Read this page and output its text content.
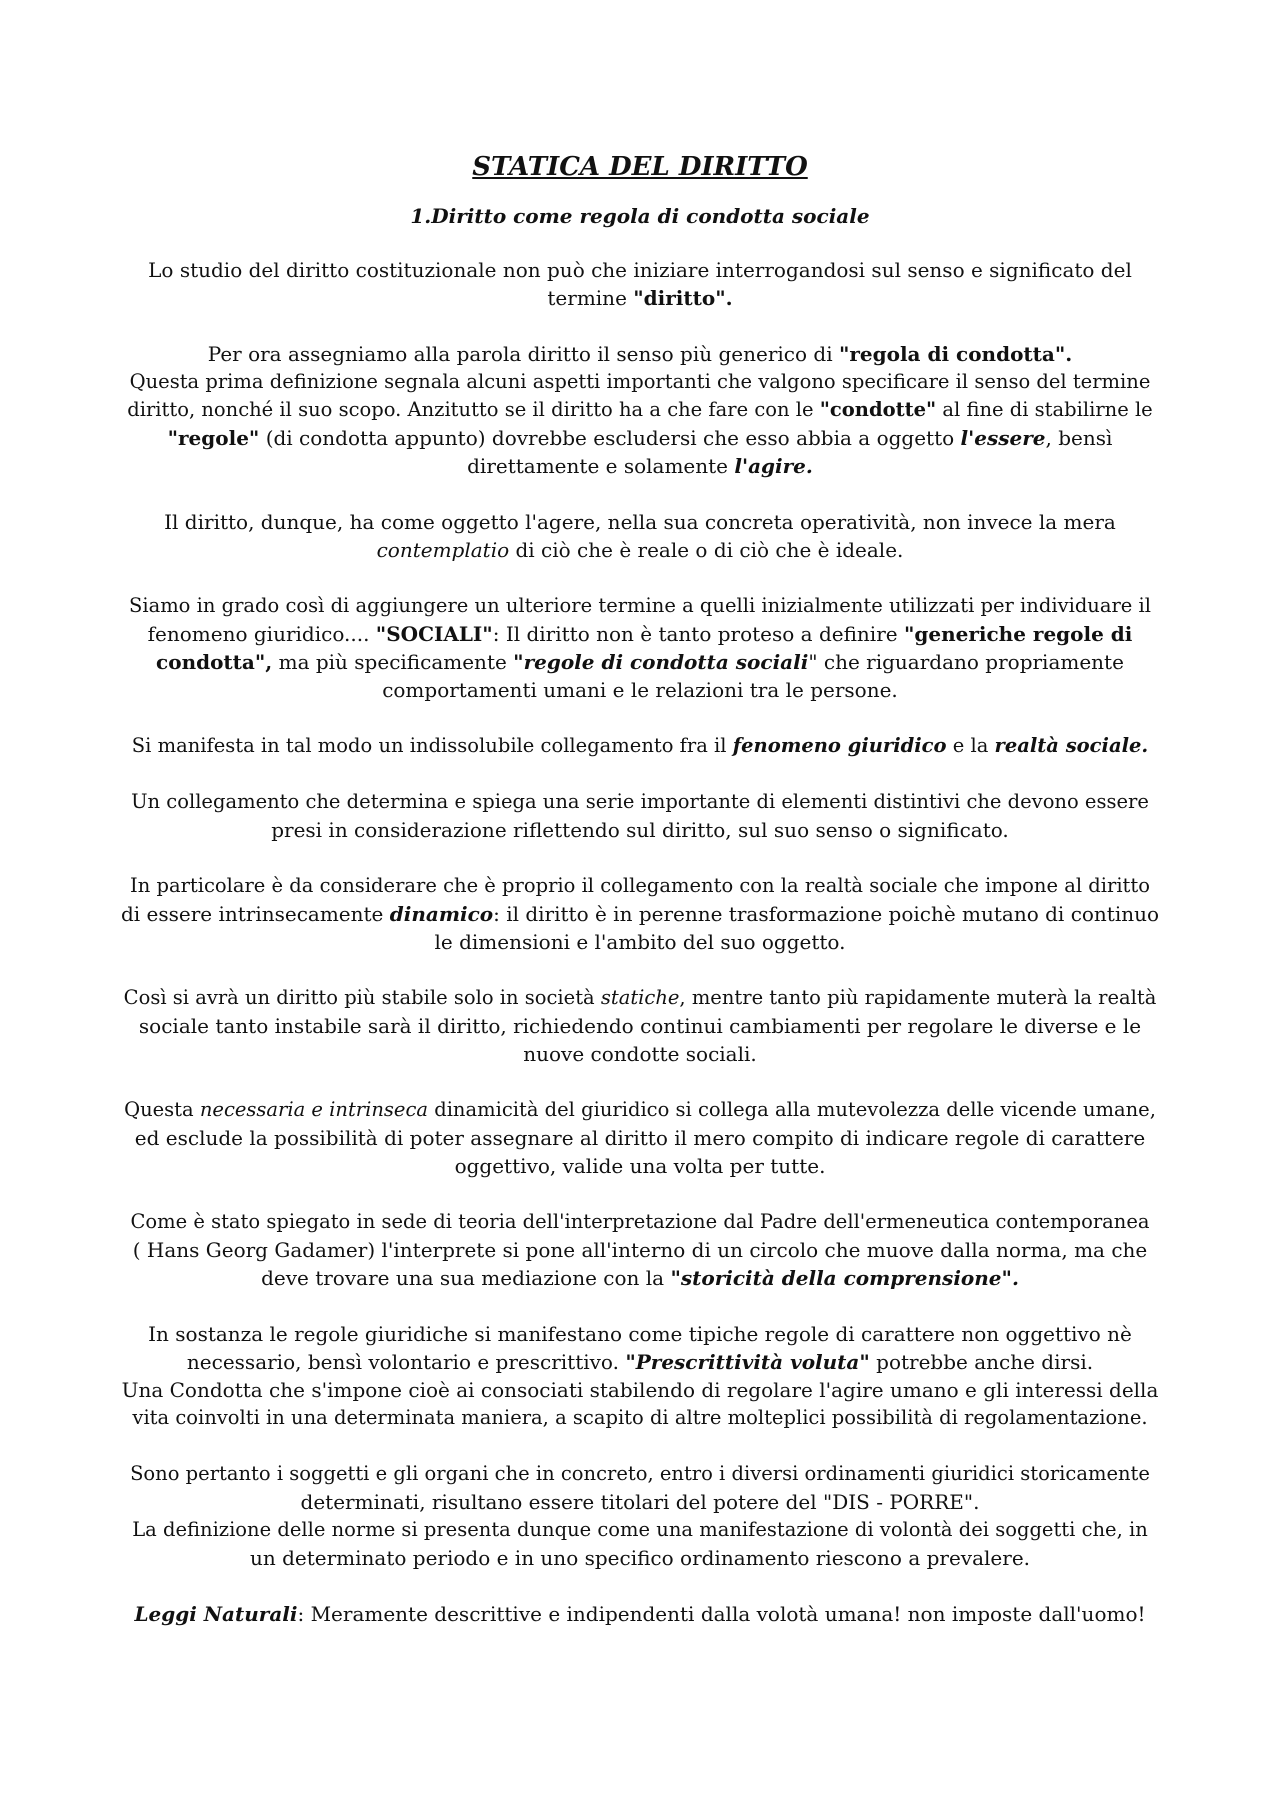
STATICA DEL DIRITTO
1.Diritto come regola di condotta sociale
Lo studio del diritto costituzionale non può che iniziare interrogandosi sul senso e significato del
termine "diritto".
Per ora assegniamo alla parola diritto il senso più generico di "regola di condotta".
Questa prima definizione segnala alcuni aspetti importanti che valgono specificare il senso del termine
diritto, nonché il suo scopo. Anzitutto se il diritto ha a che fare con le "condotte" al fine di stabilirne le
"regole" (di condotta appunto) dovrebbe escludersi che esso abbia a oggetto l'essere, bensì
direttamente e solamente l'agire.
Il diritto, dunque, ha come oggetto l'agere, nella sua concreta operatività, non invece la mera
contemplatio di ciò che è reale o di ciò che è ideale.
Siamo in grado così di aggiungere un ulteriore termine a quelli inizialmente utilizzati per individuare il
fenomeno giuridico.... "SOCIALI": Il diritto non è tanto proteso a definire "generiche regole di
condotta", ma più specificamente "regole di condotta sociali" che riguardano propriamente
comportamenti umani e le relazioni tra le persone.
Si manifesta in tal modo un indissolubile collegamento fra il fenomeno giuridico e la realtà sociale.
Un collegamento che determina e spiega una serie importante di elementi distintivi che devono essere
presi in considerazione riflettendo sul diritto, sul suo senso o significato.
In particolare è da considerare che è proprio il collegamento con la realtà sociale che impone al diritto
di essere intrinsecamente dinamico: il diritto è in perenne trasformazione poichè mutano di continuo
le dimensioni e l'ambito del suo oggetto.
Così si avrà un diritto più stabile solo in società statiche, mentre tanto più rapidamente muterà la realtà
sociale tanto instabile sarà il diritto, richiedendo continui cambiamenti per regolare le diverse e le
nuove condotte sociali.
Questa necessaria e intrinseca dinamicità del giuridico si collega alla mutevolezza delle vicende umane,
ed esclude la possibilità di poter assegnare al diritto il mero compito di indicare regole di carattere
oggettivo, valide una volta per tutte.
Come è stato spiegato in sede di teoria dell'interpretazione dal Padre dell'ermeneutica contemporanea
( Hans Georg Gadamer) l'interprete si pone all'interno di un circolo che muove dalla norma, ma che
deve trovare una sua mediazione con la "storicità della comprensione".
In sostanza le regole giuridiche si manifestano come tipiche regole di carattere non oggettivo nè
necessario, bensì volontario e prescrittivo. "Prescrittività voluta" potrebbe anche dirsi.
Una Condotta che s'impone cioè ai consociati stabilendo di regolare l'agire umano e gli interessi della
vita coinvolti in una determinata maniera, a scapito di altre molteplici possibilità di regolamentazione.
Sono pertanto i soggetti e gli organi che in concreto, entro i diversi ordinamenti giuridici storicamente
determinati, risultano essere titolari del potere del "DIS - PORRE".
La definizione delle norme si presenta dunque come una manifestazione di volontà dei soggetti che, in
un determinato periodo e in uno specifico ordinamento riescono a prevalere.
Leggi Naturali: Meramente descrittive e indipendenti dalla volotà umana! non imposte dall'uomo!
